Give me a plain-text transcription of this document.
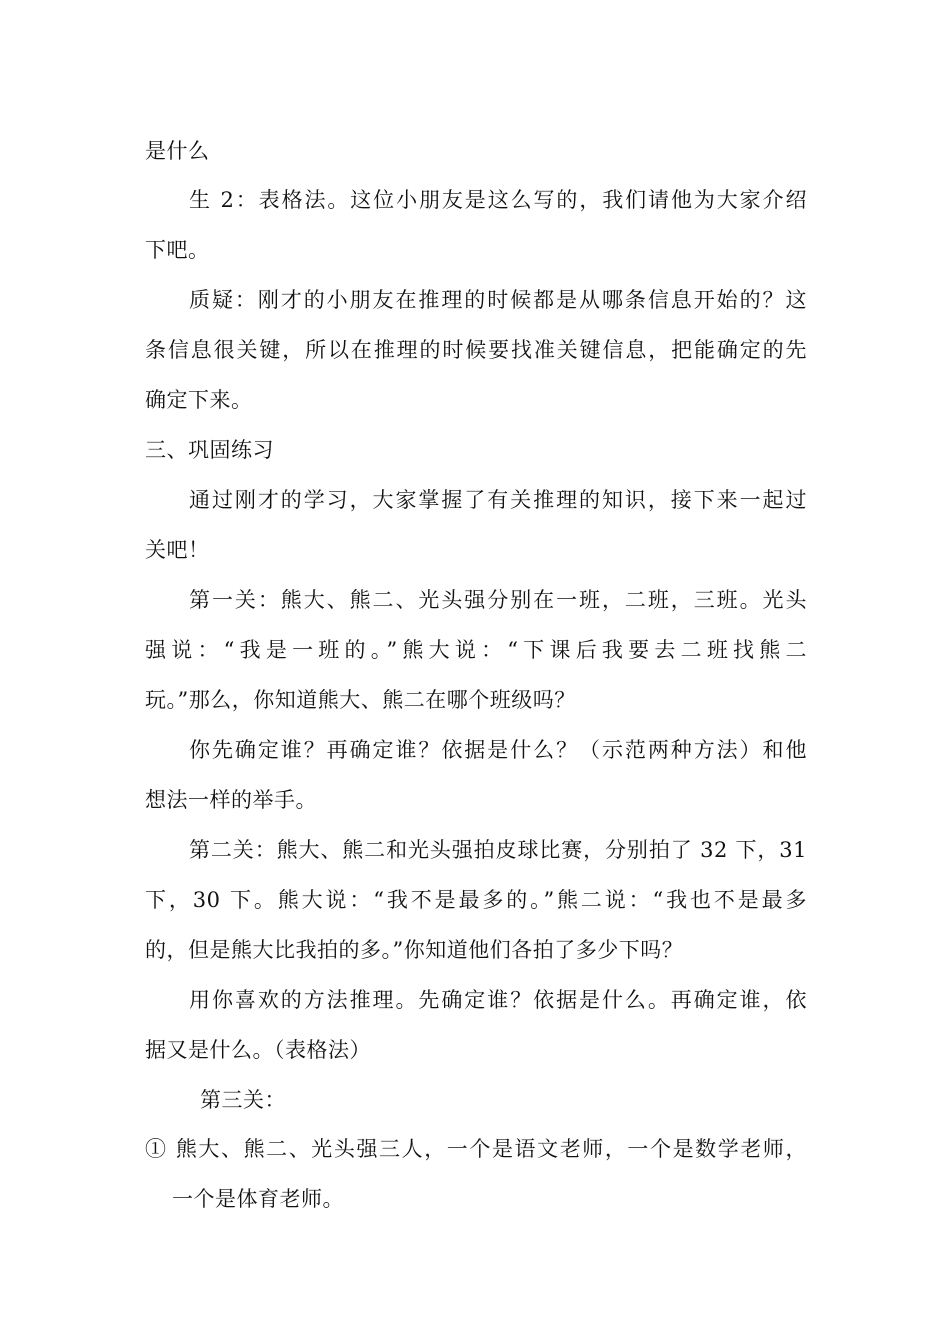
是什么

生 2：表格法。这位小朋友是这么写的，我们请他为大家介绍

下吧。

质疑：刚才的小朋友在推理的时候都是从哪条信息开始的？这

条信息很关键，所以在推理的时候要找准关键信息，把能确定的先

确定下来。

三、巩固练习

通过刚才的学习，大家掌握了有关推理的知识，接下来一起过

关吧！

第一关：熊大、熊二、光头强分别在一班，二班，三班。光头

强说：“我是一班的。”熊大说：“下课后我要去二班找熊二

玩。”那么，你知道熊大、熊二在哪个班级吗？

你先确定谁？再确定谁？依据是什么？（示范两种方法）和他

想法一样的举手。

第二关：熊大、熊二和光头强拍皮球比赛，分别拍了 32 下，31

下，30 下。熊大说：“我不是最多的。”熊二说：“我也不是最多

的，但是熊大比我拍的多。”你知道他们各拍了多少下吗？

用你喜欢的方法推理。先确定谁？依据是什么。再确定谁，依

据又是什么。（表格法）

第三关：

① 熊大、熊二、光头强三人，一个是语文老师，一个是数学老师，

一个是体育老师。
